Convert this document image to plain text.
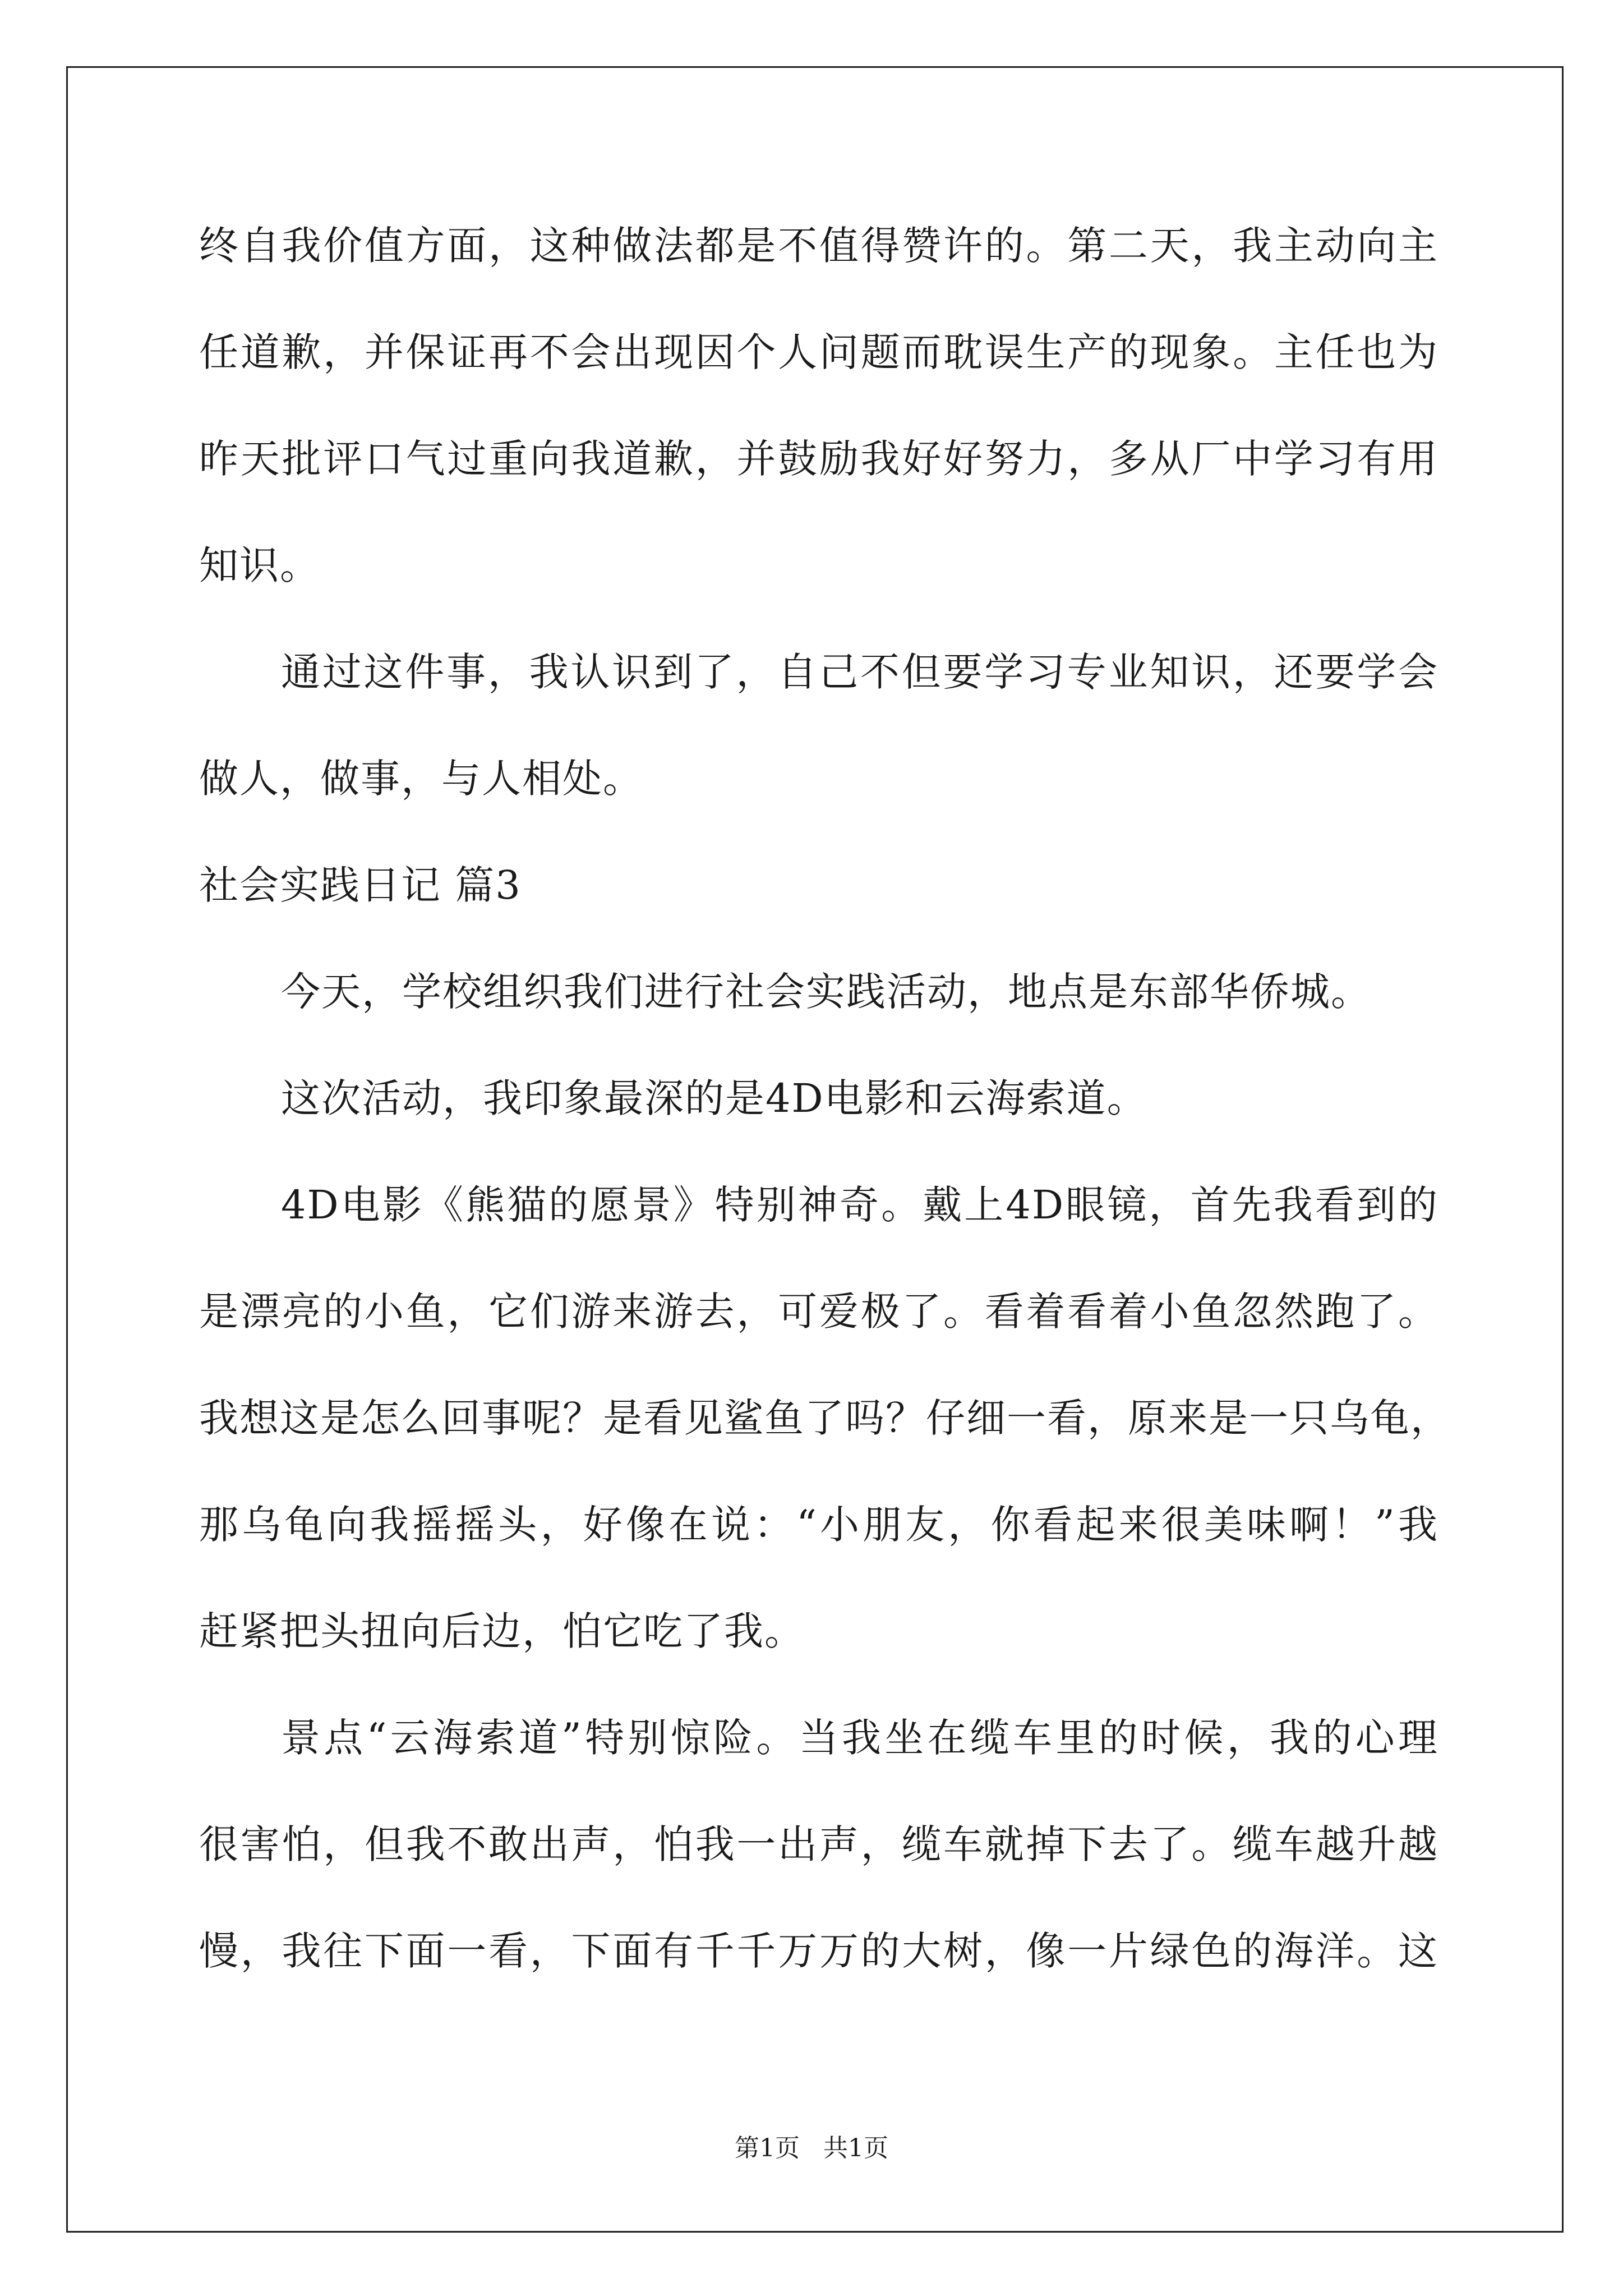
终自我价值方面，这种做法都是不值得赞许的。第二天，我主动向主
任道歉，并保证再不会出现因个人问题而耽误生产的现象。主任也为
昨天批评口气过重向我道歉，并鼓励我好好努力，多从厂中学习有用
知识。
通过这件事，我认识到了，自己不但要学习专业知识，还要学会
做人，做事，与人相处。
社会实践日记 篇3
今天，学校组织我们进行社会实践活动，地点是东部华侨城。
这次活动，我印象最深的是4D电影和云海索道。
4D电影《熊猫的愿景》特别神奇。戴上4D眼镜，首先我看到的
是漂亮的小鱼，它们游来游去，可爱极了。看着看着小鱼忽然跑了。
我想这是怎么回事呢？是看见鲨鱼了吗？仔细一看，原来是一只乌龟，
那乌龟向我摇摇头，好像在说：“小朋友，你看起来很美味啊！”我
赶紧把头扭向后边，怕它吃了我。
景点“云海索道”特别惊险。当我坐在缆车里的时候，我的心理
很害怕，但我不敢出声，怕我一出声，缆车就掉下去了。缆车越升越
慢，我往下面一看，下面有千千万万的大树，像一片绿色的海洋。这
第1页 共1页
